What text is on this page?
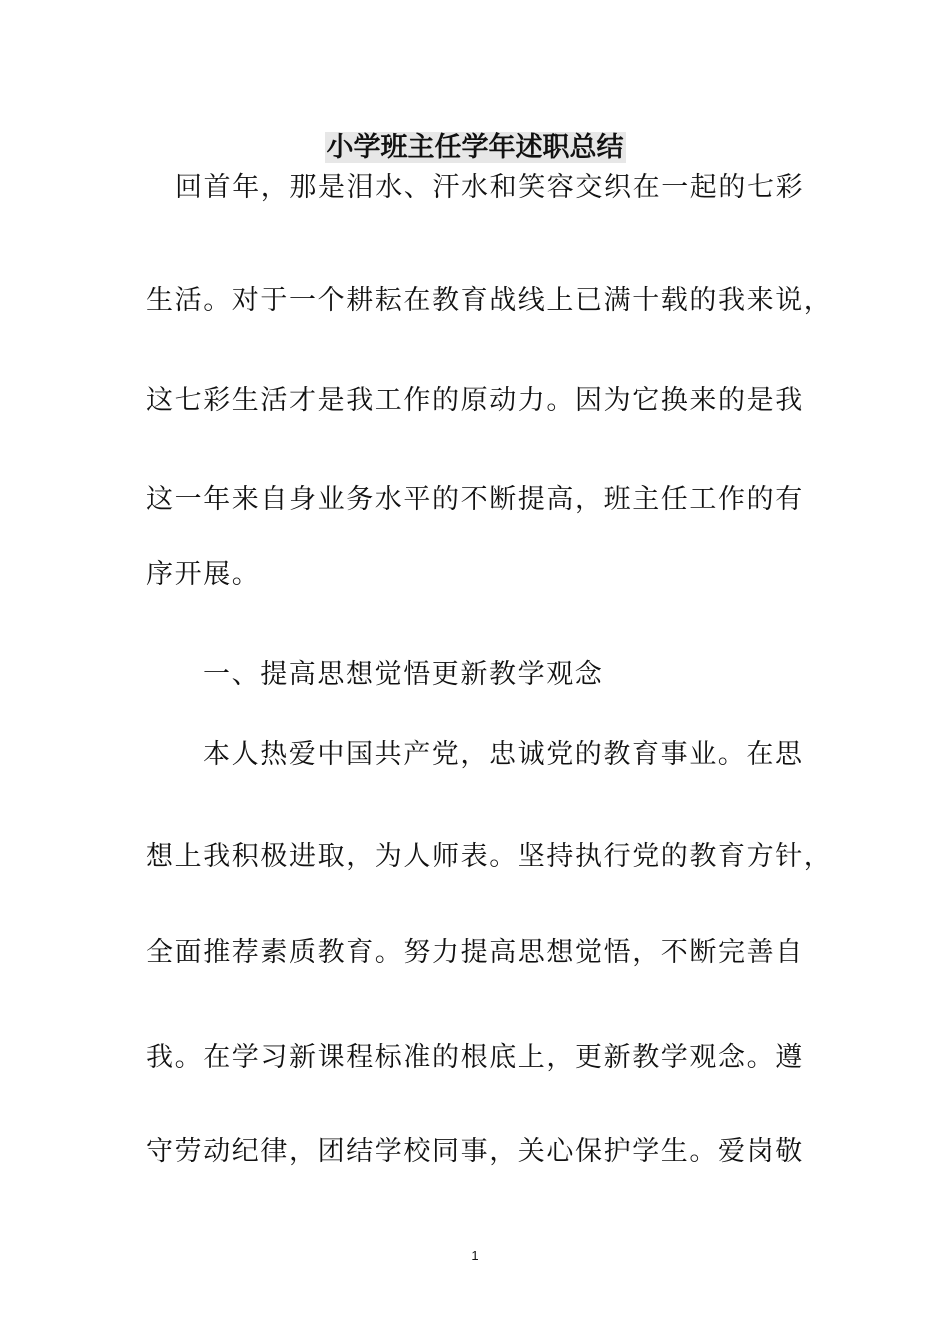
小学班主任学年述职总结
回首年，那是泪水、汗水和笑容交织在一起的七彩
生活。对于一个耕耘在教育战线上已满十载的我来说，
这七彩生活才是我工作的原动力。因为它换来的是我
这一年来自身业务水平的不断提高，班主任工作的有
序开展。
一、提高思想觉悟更新教学观念
本人热爱中国共产党，忠诚党的教育事业。在思
想上我积极进取，为人师表。坚持执行党的教育方针，
全面推荐素质教育。努力提高思想觉悟，不断完善自
我。在学习新课程标准的根底上，更新教学观念。遵
守劳动纪律，团结学校同事，关心保护学生。爱岗敬
1
